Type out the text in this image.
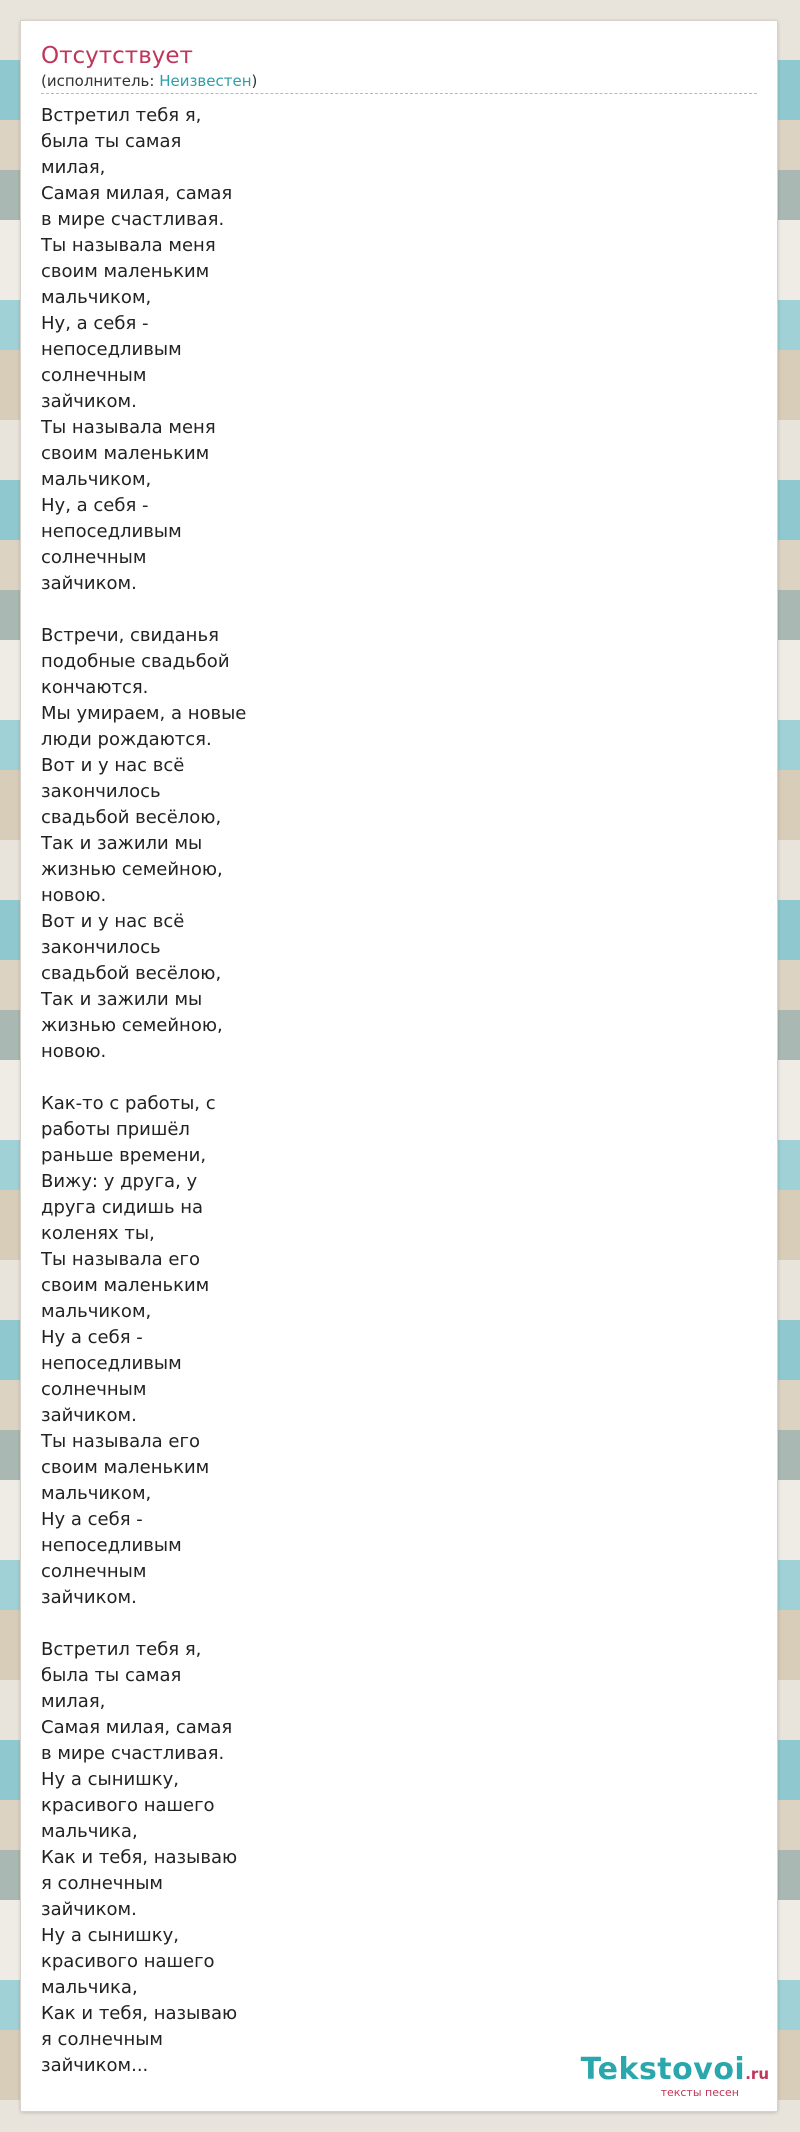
Отсутствует
(исполнитель: Неизвестен)
Встретил тебя я,
была ты самая
милая,
Самая милая, самая
в мире счастливая.
Ты называла меня
своим маленьким
мальчиком,
Ну, а себя -
непоседливым
солнечным
зайчиком.
Ты называла меня
своим маленьким
мальчиком,
Ну, а себя -
непоседливым
солнечным
зайчиком.
Встречи, свиданья
подобные свадьбой
кончаются.
Мы умираем, а новые
люди рождаются.
Вот и у нас всё
закончилось
свадьбой весёлою,
Так и зажили мы
жизнью семейною,
новою.
Вот и у нас всё
закончилось
свадьбой весёлою,
Так и зажили мы
жизнью семейною,
новою.
Как-то с работы, с
работы пришёл
раньше времени,
Вижу: у друга, у
друга сидишь на
коленях ты,
Ты называла его
своим маленьким
мальчиком,
Ну а себя -
непоседливым
солнечным
зайчиком.
Ты называла его
своим маленьким
мальчиком,
Ну а себя -
непоседливым
солнечным
зайчиком.
Встретил тебя я,
была ты самая
милая,
Самая милая, самая
в мире счастливая.
Ну а сынишку,
красивого нашего
мальчика,
Как и тебя, называю
я солнечным
зайчиком.
Ну а сынишку,
красивого нашего
мальчика,
Как и тебя, называю
я солнечным
зайчиком...	Tekstovoi.ru
тексты песен
